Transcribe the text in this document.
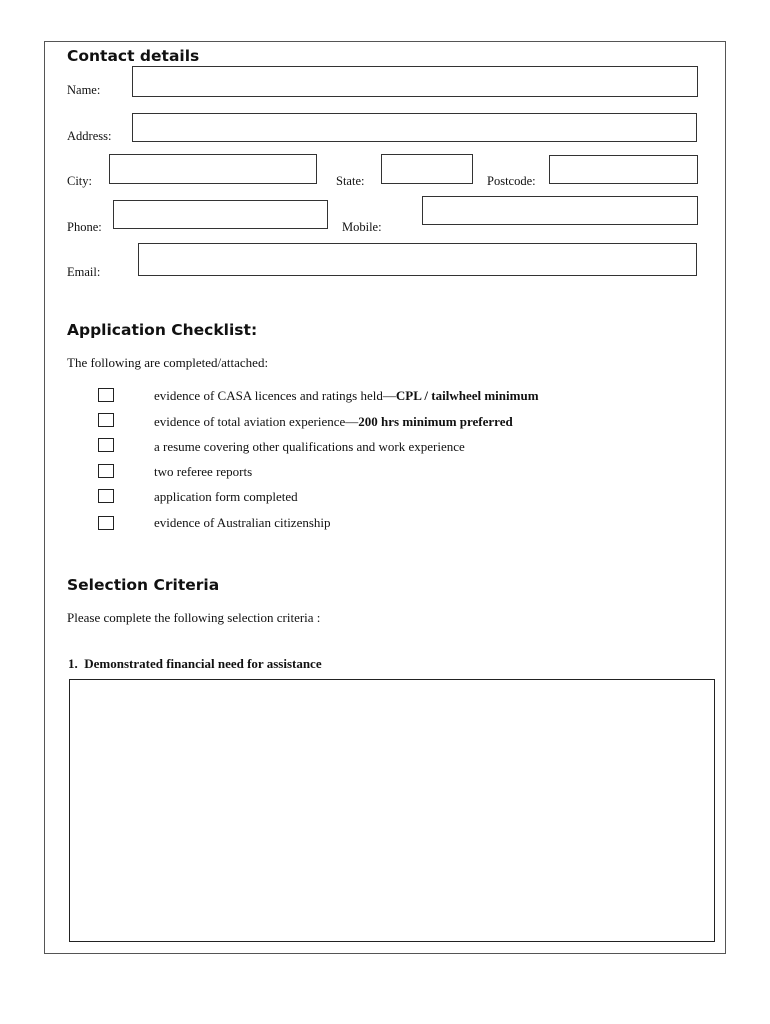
Contact details
Name:
Address:
City:	State:	Postcode:
Phone:	Mobile:
Email:
Application Checklist:
The following are completed/attached:
evidence of CASA licences and ratings held—CPL / tailwheel minimum
evidence of total aviation experience—200 hrs minimum preferred
a resume covering other qualifications and work experience
two referee reports
application form completed
evidence of Australian citizenship
Selection Criteria
Please complete the following selection criteria :
1. Demonstrated financial need for assistance
